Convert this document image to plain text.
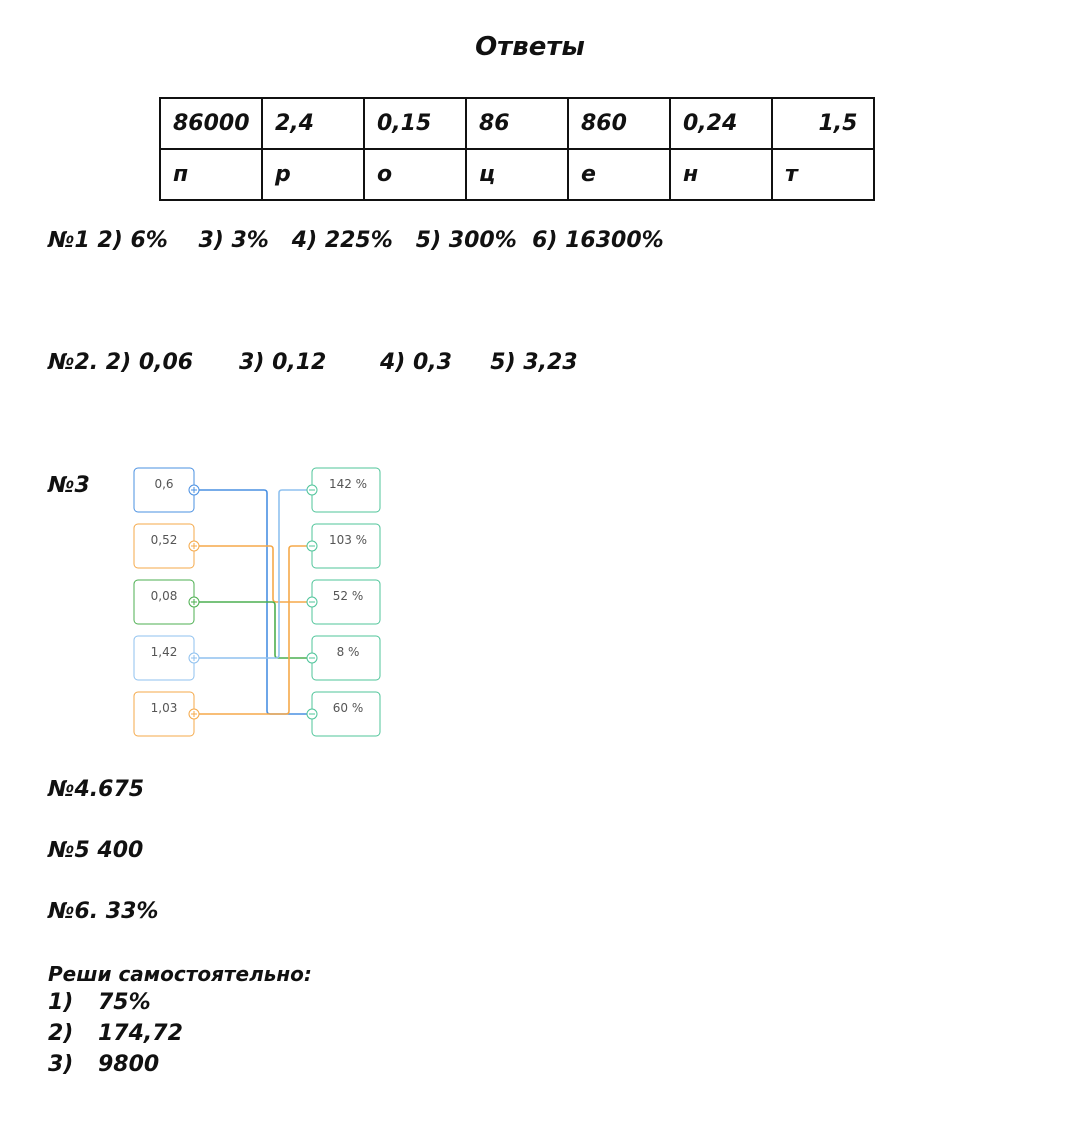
Ответы
86000	2,4	0,15	86	860	0,24	1,5
п	р	о	ц	е	н	т
№1 2) 6%    3) 3%   4) 225%   5) 300%  6) 16300%
№2. 2) 0,06      3) 0,12       4) 0,3     5) 3,23
№3	0,6
0,52
0,08
1,42
1,03
142 %
103 %
52 %
8 %
60 %
№4.675
№5 400
№6. 33%
Реши самостоятельно:
1) 75%
2) 174,72
3) 9800
